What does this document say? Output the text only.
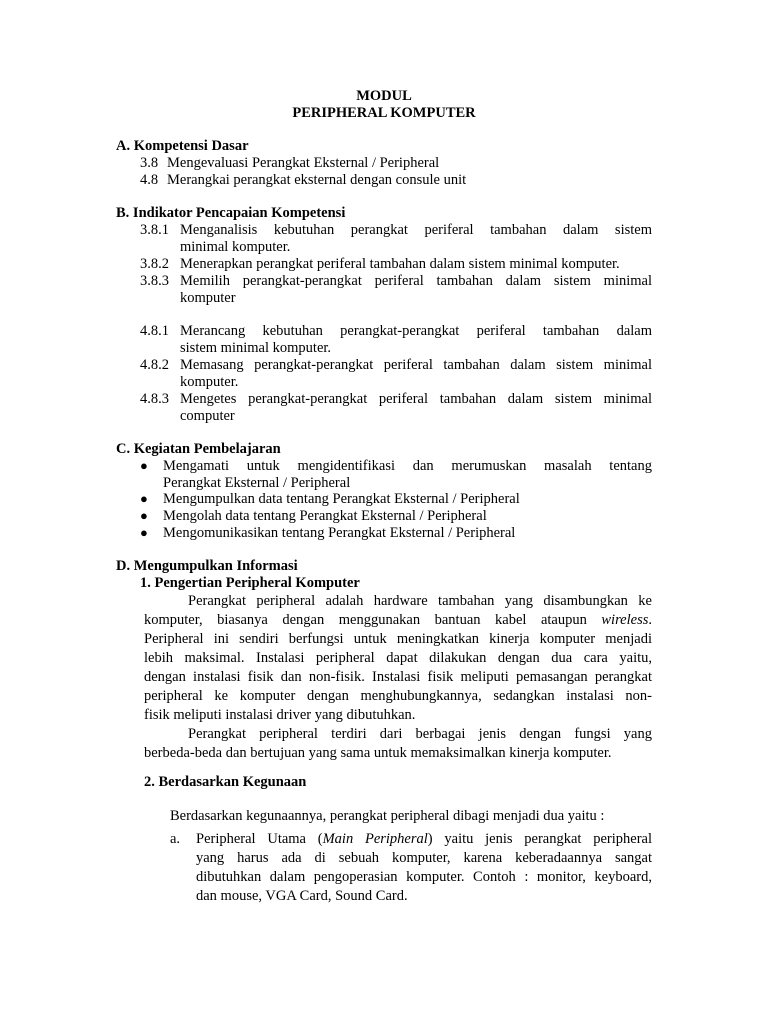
MODUL
PERIPHERAL KOMPUTER
A. Kompetensi Dasar
3.8 Mengevaluasi Perangkat Eksternal / Peripheral
4.8 Merangkai perangkat eksternal dengan consule unit
B. Indikator Pencapaian Kompetensi
3.8.1 Menganalisis kebutuhan perangkat periferal tambahan dalam sistem
minimal komputer.
3.8.2 Menerapkan perangkat periferal tambahan dalam sistem minimal komputer.
3.8.3 Memilih perangkat-perangkat periferal tambahan dalam sistem minimal
komputer
4.8.1 Merancang kebutuhan perangkat-perangkat periferal tambahan dalam
sistem minimal komputer.
4.8.2 Memasang perangkat-perangkat periferal tambahan dalam sistem minimal
komputer.
4.8.3 Mengetes perangkat-perangkat periferal tambahan dalam sistem minimal
computer
C. Kegiatan Pembelajaran
● Mengamati untuk mengidentifikasi dan merumuskan masalah tentang
Perangkat Eksternal / Peripheral
● Mengumpulkan data tentang Perangkat Eksternal / Peripheral
● Mengolah data tentang Perangkat Eksternal / Peripheral
● Mengomunikasikan tentang Perangkat Eksternal / Peripheral
D. Mengumpulkan Informasi
1. Pengertian Peripheral Komputer
Perangkat peripheral adalah hardware tambahan yang disambungkan ke
komputer, biasanya dengan menggunakan bantuan kabel ataupun wireless.
Peripheral ini sendiri berfungsi untuk meningkatkan kinerja komputer menjadi
lebih maksimal. Instalasi peripheral dapat dilakukan dengan dua cara yaitu,
dengan instalasi fisik dan non-fisik. Instalasi fisik meliputi pemasangan perangkat
peripheral ke komputer dengan menghubungkannya, sedangkan instalasi non-
fisik meliputi instalasi driver yang dibutuhkan.
Perangkat peripheral terdiri dari berbagai jenis dengan fungsi yang
berbeda-beda dan bertujuan yang sama untuk memaksimalkan kinerja komputer.
2. Berdasarkan Kegunaan
Berdasarkan kegunaannya, perangkat peripheral dibagi menjadi dua yaitu :
a. Peripheral Utama (Main Peripheral) yaitu jenis perangkat peripheral
yang harus ada di sebuah komputer, karena keberadaannya sangat
dibutuhkan dalam pengoperasian komputer. Contoh : monitor, keyboard,
dan mouse, VGA Card, Sound Card.
